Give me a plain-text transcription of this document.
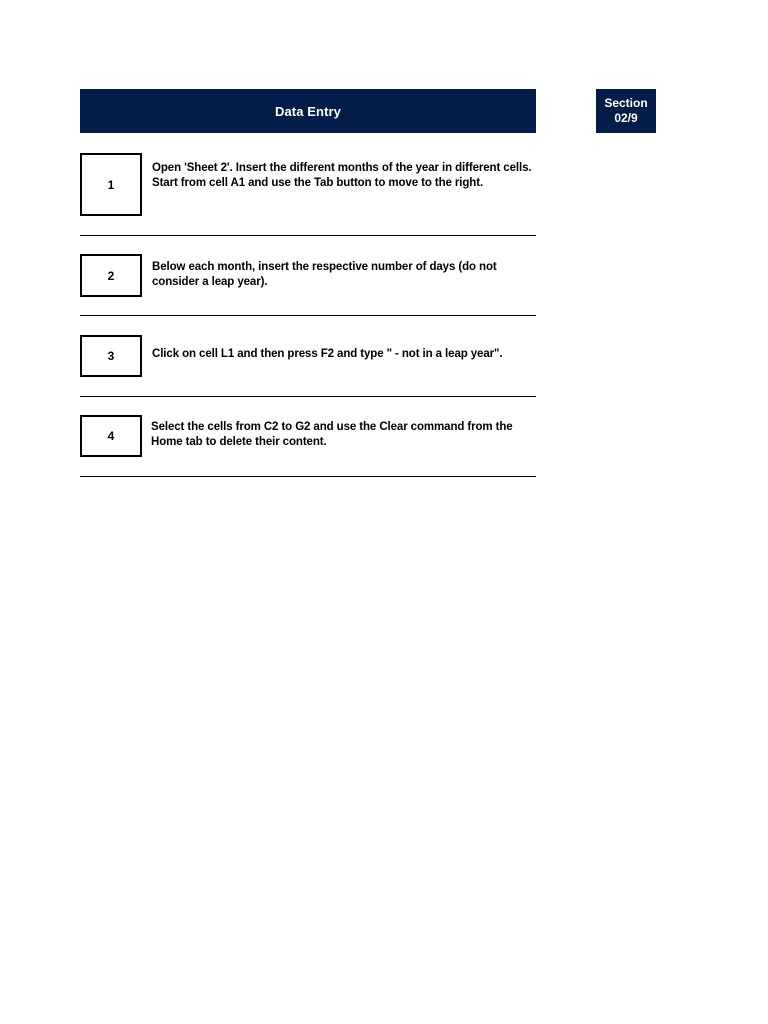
Data Entry
Section
02/9
1
Open 'Sheet 2'. Insert the different months of the year in different cells. Start from cell A1 and use the Tab button to move to the right.
2
Below each month, insert the respective number of days (do not consider a leap year).
3	Click on cell L1 and then press F2 and type " - not in a leap year".
4
Select the cells from C2 to G2 and use the Clear command from the Home tab to delete their content.
